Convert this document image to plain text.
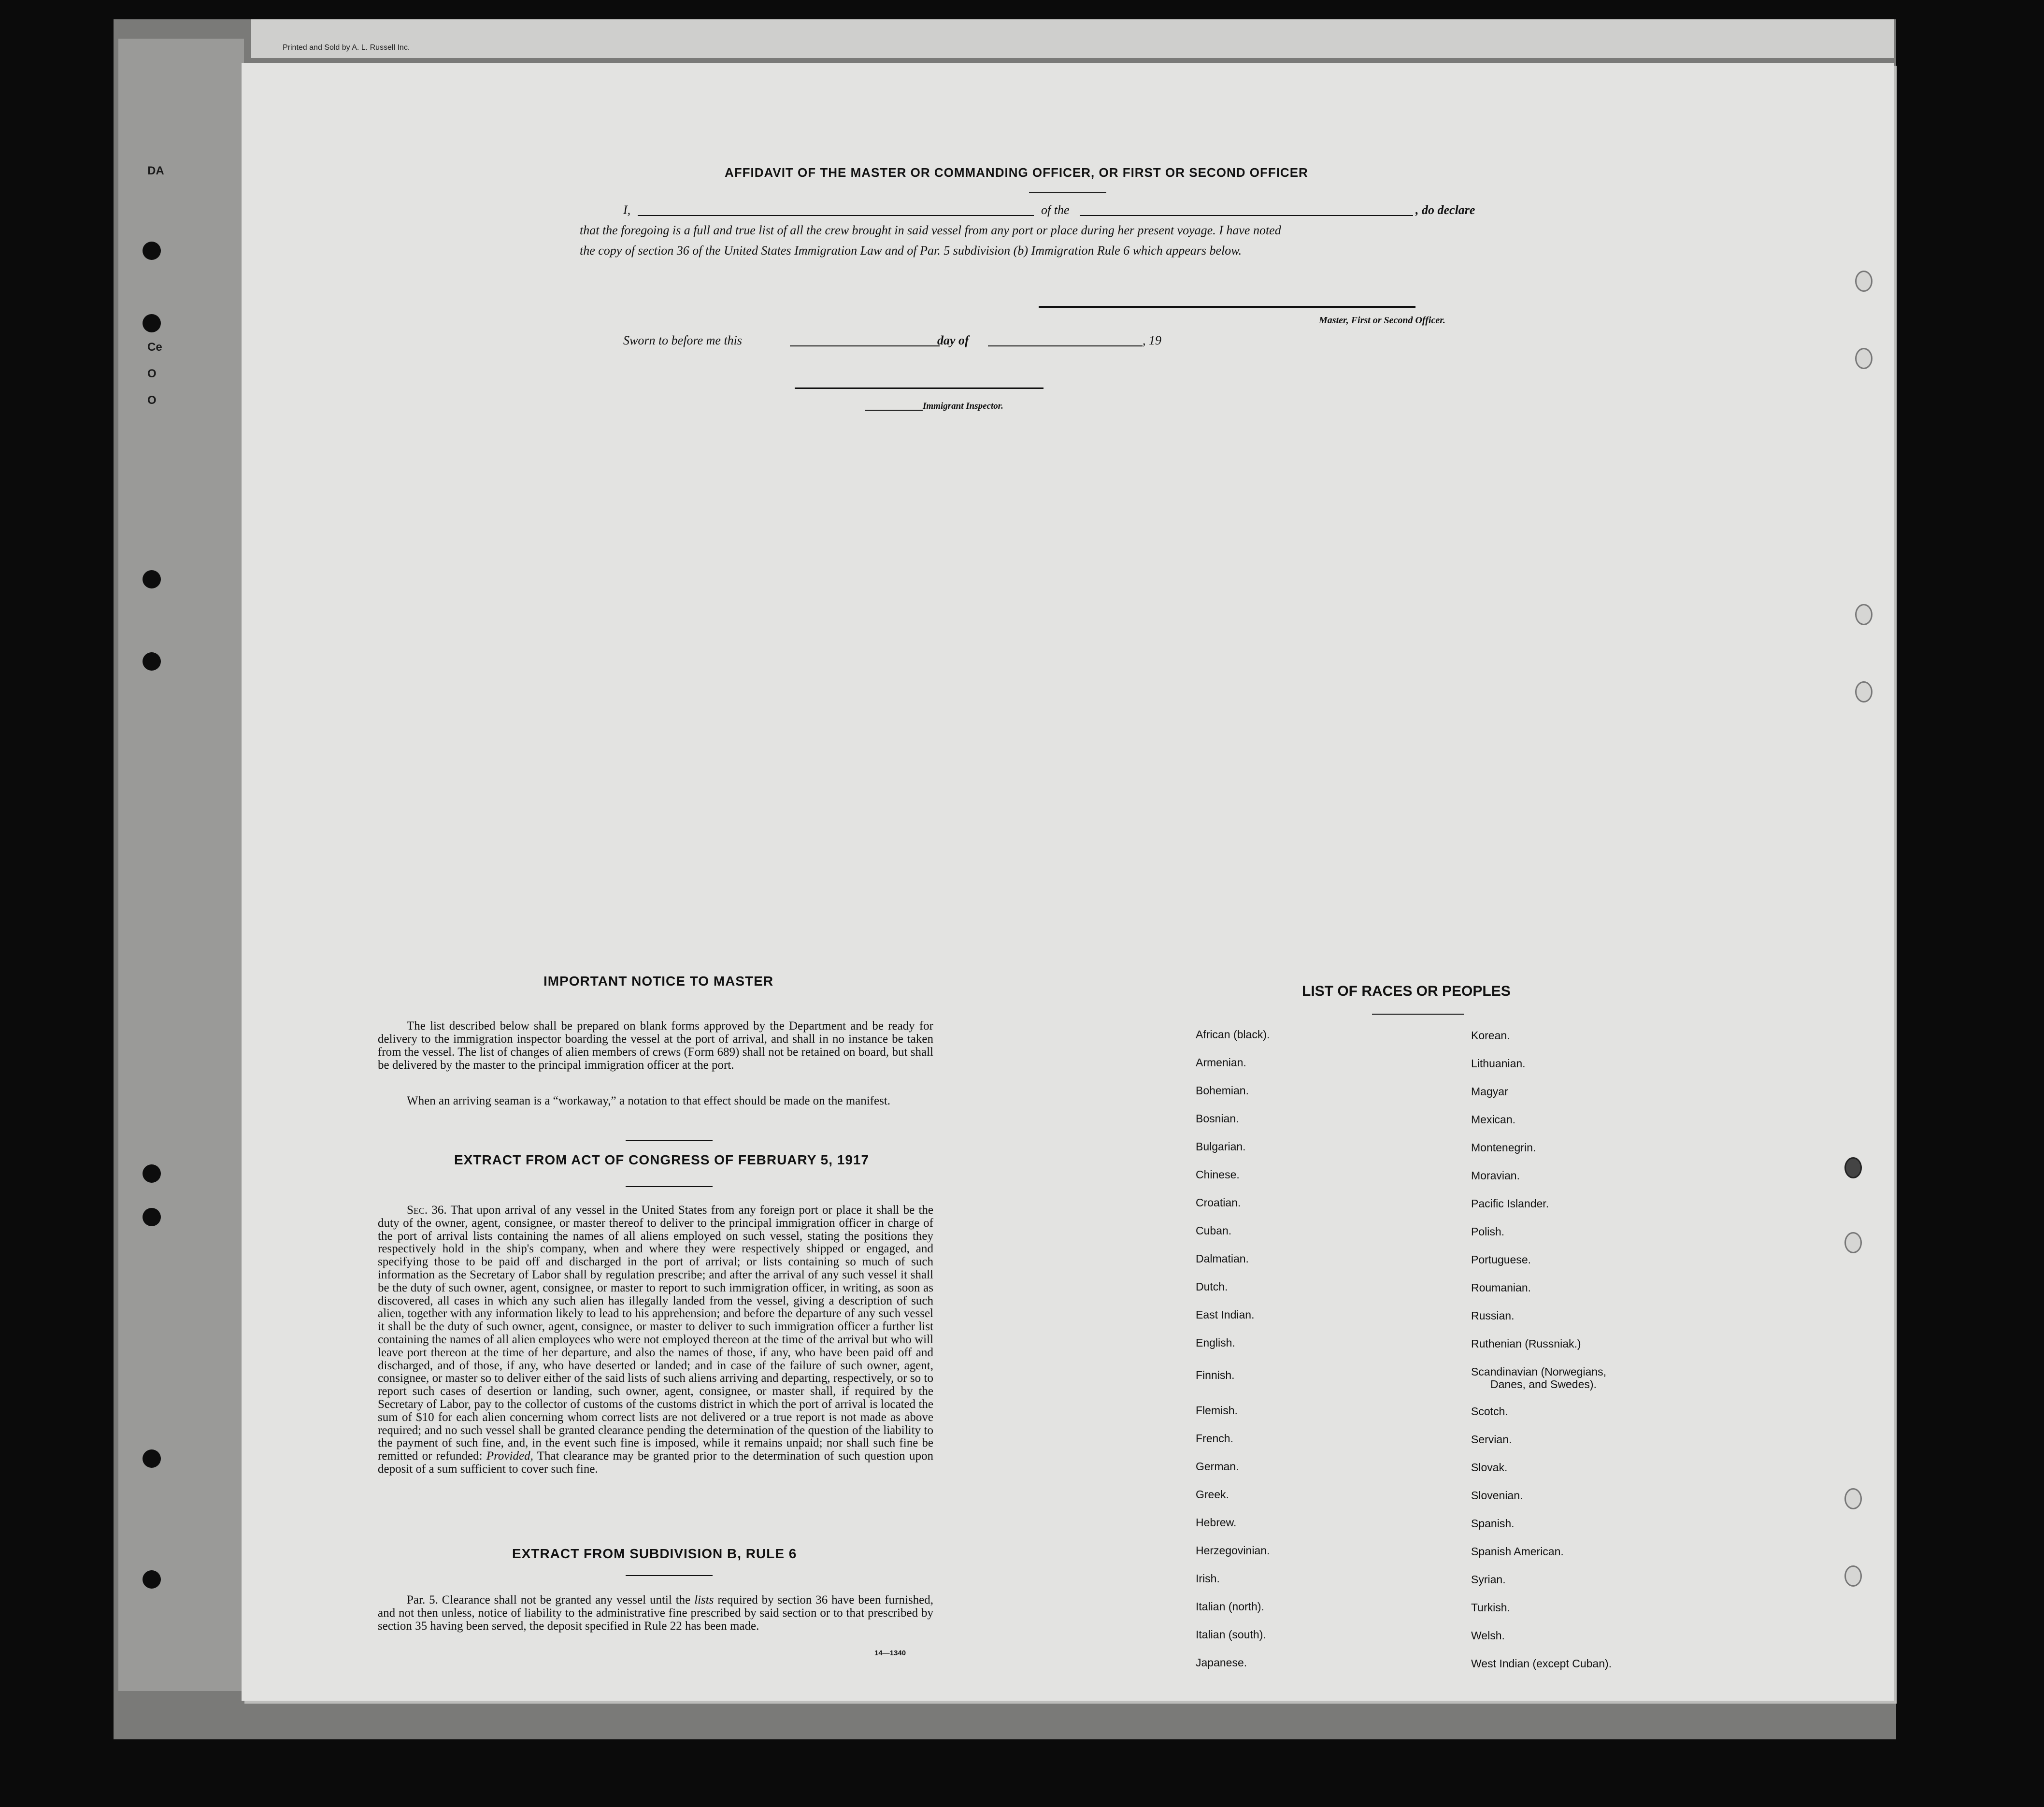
Printed and Sold by A. L. Russell Inc.
DA
Ce
O
O
AFFIDAVIT OF THE MASTER OR COMMANDING OFFICER, OR FIRST OR SECOND OFFICER
I,	of the	, do declare
that the foregoing is a full and true list of all the crew brought in said vessel from any port or place during her present voyage. I have noted
the copy of section 36 of the United States Immigration Law and of Par. 5 subdivision (b) Immigration Rule 6 which appears below.
Master, First or Second Officer.
Sworn to before me this	day of	, 19
Immigrant Inspector.
IMPORTANT NOTICE TO MASTER
The list described below shall be prepared on blank forms approved by the Department and be ready for delivery to the immigration inspector boarding the vessel at the port of arrival, and shall in no instance be taken from the vessel. The list of changes of alien members of crews (Form 689) shall not be retained on board, but shall be delivered by the master to the principal immigration officer at the port.
When an arriving seaman is a “workaway,” a notation to that effect should be made on the manifest.
EXTRACT FROM ACT OF CONGRESS OF FEBRUARY 5, 1917
Sec. 36. That upon arrival of any vessel in the United States from any foreign port or place it shall be the duty of the owner, agent, consignee, or master thereof to deliver to the principal immigration officer in charge of the port of arrival lists containing the names of all aliens employed on such vessel, stating the positions they respectively hold in the ship's company, when and where they were respectively shipped or engaged, and specifying those to be paid off and discharged in the port of arrival; or lists containing so much of such information as the Secretary of Labor shall by regulation prescribe; and after the arrival of any such vessel it shall be the duty of such owner, agent, consignee, or master to report to such immigration officer, in writing, as soon as discovered, all cases in which any such alien has illegally landed from the vessel, giving a description of such alien, together with any information likely to lead to his apprehension; and before the departure of any such vessel it shall be the duty of such owner, agent, consignee, or master to deliver to such immigration officer a further list containing the names of all alien employees who were not employed thereon at the time of the arrival but who will leave port thereon at the time of her departure, and also the names of those, if any, who have been paid off and discharged, and of those, if any, who have deserted or landed; and in case of the failure of such owner, agent, consignee, or master so to deliver either of the said lists of such aliens arriving and departing, respectively, or so to report such cases of desertion or landing, such owner, agent, consignee, or master shall, if required by the Secretary of Labor, pay to the collector of customs of the customs district in which the port of arrival is located the sum of $10 for each alien concerning whom correct lists are not delivered or a true report is not made as above required; and no such vessel shall be granted clearance pending the determination of the question of the liability to the payment of such fine, and, in the event such fine is imposed, while it remains unpaid; nor shall such fine be remitted or refunded: Provided, That clearance may be granted prior to the determination of such question upon deposit of a sum sufficient to cover such fine.
EXTRACT FROM SUBDIVISION B, RULE 6
Par. 5. Clearance shall not be granted any vessel until the lists required by section 36 have been furnished, and not then unless, notice of liability to the administrative fine prescribed by said section or to that prescribed by section 35 having been served, the deposit specified in Rule 22 has been made.
14—1340
LIST OF RACES OR PEOPLES
African (black).
Armenian.
Bohemian.
Bosnian.
Bulgarian.
Chinese.
Croatian.
Cuban.
Dalmatian.
Dutch.
East Indian.
English.
Finnish.
Flemish.
French.
German.
Greek.
Hebrew.
Herzegovinian.
Irish.
Italian (north).
Italian (south).
Japanese.
Korean.
Lithuanian.
Magyar
Mexican.
Montenegrin.
Moravian.
Pacific Islander.
Polish.
Portuguese.
Roumanian.
Russian.
Ruthenian (Russniak.)
Scandinavian (Norwegians,
Danes, and Swedes).
Scotch.
Servian.
Slovak.
Slovenian.
Spanish.
Spanish American.
Syrian.
Turkish.
Welsh.
West Indian (except Cuban).
